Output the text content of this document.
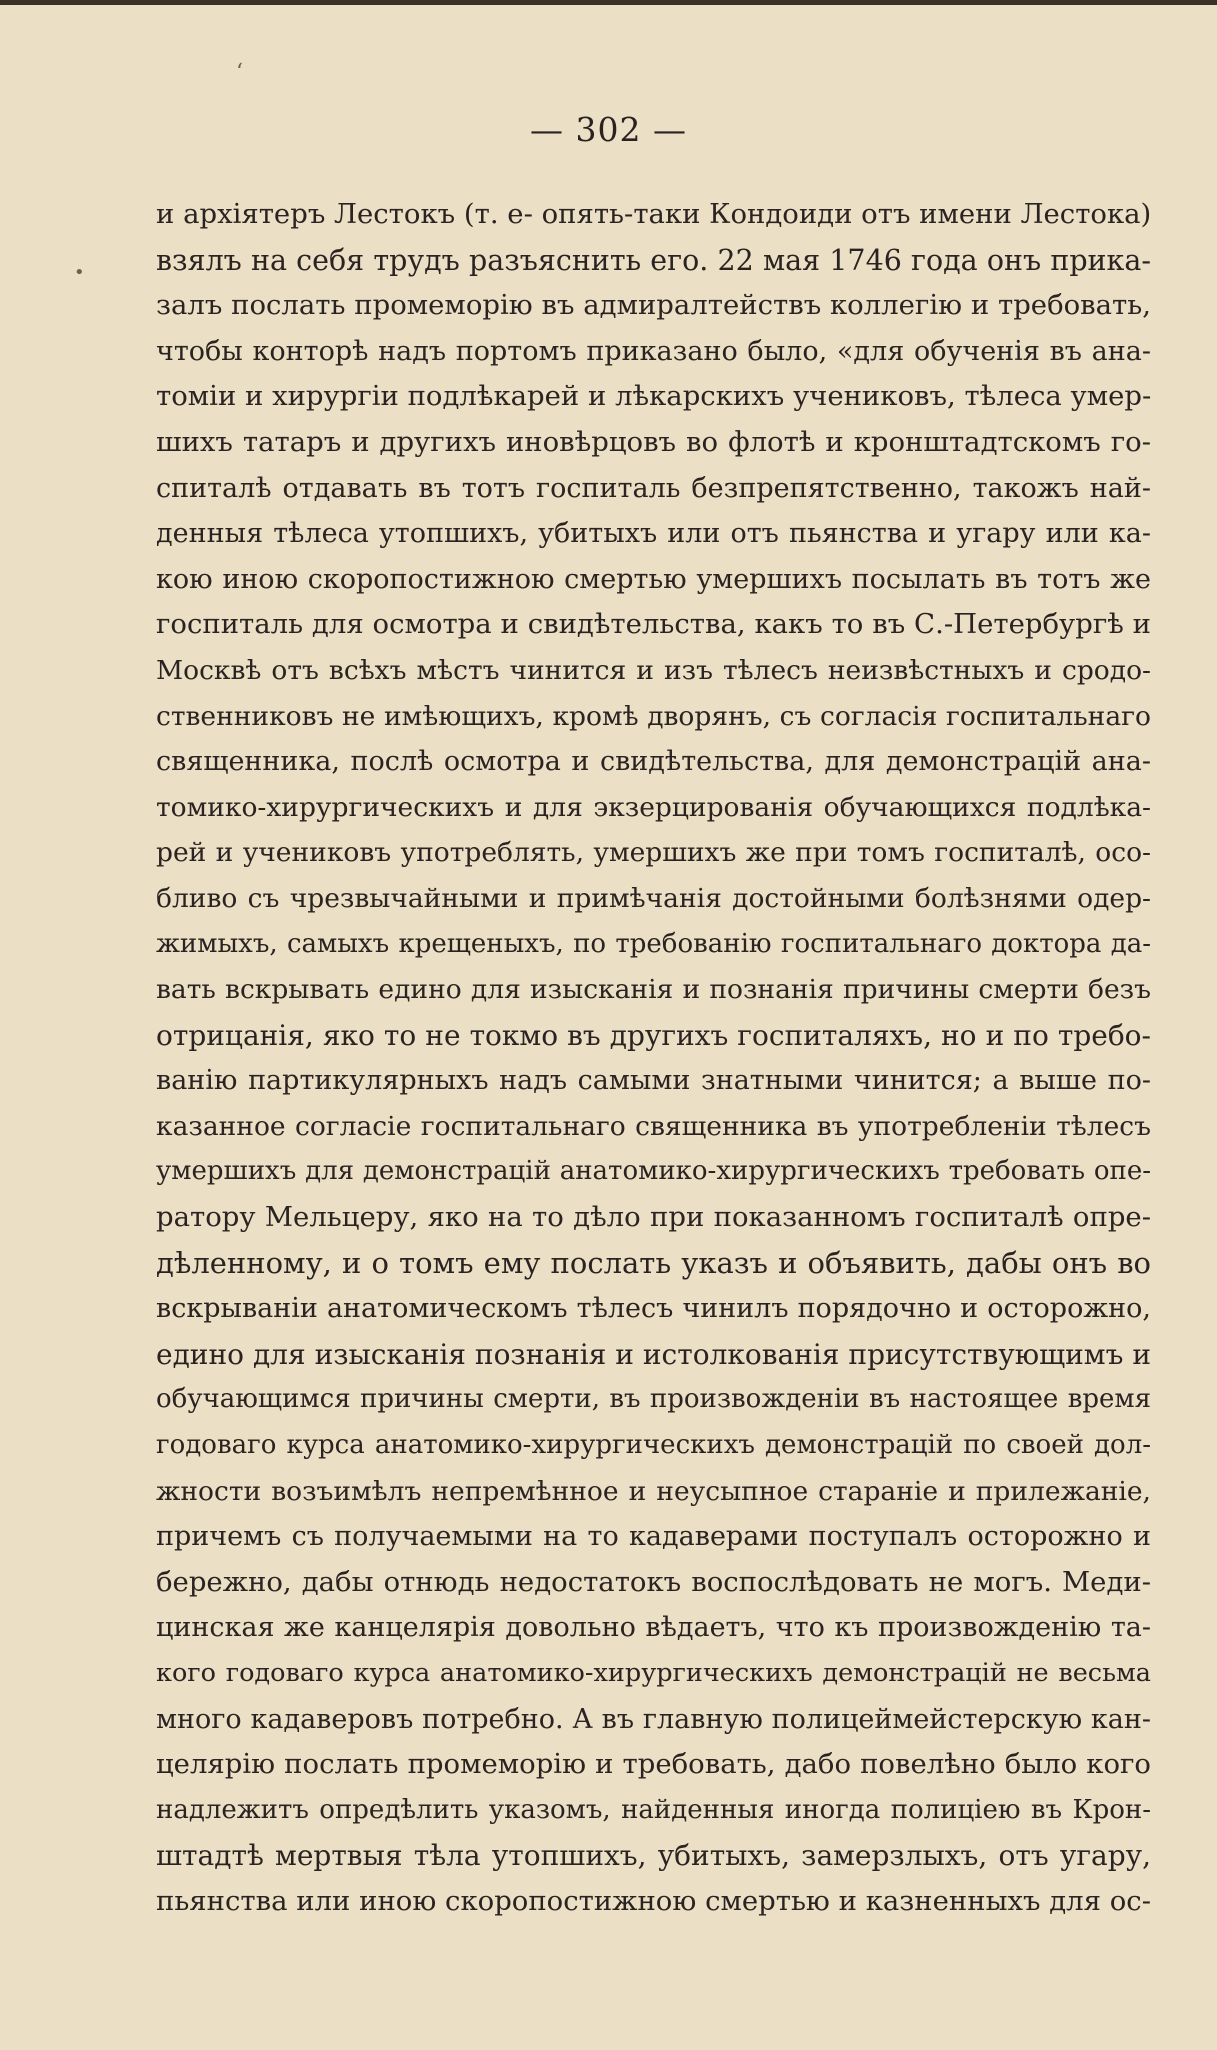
— 302 —
‘
•
и архіятеръ Лестокъ (т. е- опять-таки Кондоиди отъ имени Лестока)
взялъ на себя трудъ разъяснить его. 22 мая 1746 года онъ прика-
залъ послать промеморію въ адмиралтействъ коллегію и требовать,
чтобы конторѣ надъ портомъ приказано было, «для обученія въ ана-
томіи и хирургіи подлѣкарей и лѣкарскихъ учениковъ, тѣлеса умер-
шихъ татаръ и другихъ иновѣрцовъ во флотѣ и кронштадтскомъ го-
спиталѣ отдавать въ тотъ госпиталь безпрепятственно, такожъ най-
денныя тѣлеса утопшихъ, убитыхъ или отъ пьянства и угару или ка-
кою иною скоропостижною смертью умершихъ посылать въ тотъ же
госпиталь для осмотра и свидѣтельства, какъ то въ С.-Петербургѣ и
Москвѣ отъ всѣхъ мѣстъ чинится и изъ тѣлесъ неизвѣстныхъ и сродо-
ственниковъ не имѣющихъ, кромѣ дворянъ, съ согласія госпитальнаго
священника, послѣ осмотра и свидѣтельства, для демонстрацій ана-
томико-хирургическихъ и для экзерцированія обучающихся подлѣка-
рей и учениковъ употреблять, умершихъ же при томъ госпиталѣ, осо-
бливо съ чрезвычайными и примѣчанія достойными болѣзнями одер-
жимыхъ, самыхъ крещеныхъ, по требованію госпитальнаго доктора да-
вать вскрывать едино для изысканія и познанія причины смерти безъ
отрицанія, яко то не токмо въ другихъ госпиталяхъ, но и по требо-
ванію партикулярныхъ надъ самыми знатными чинится; а выше по-
казанное согласіе госпитальнаго священника въ употребленіи тѣлесъ
умершихъ для демонстрацій анатомико-хирургическихъ требовать опе-
ратору Мельцеру, яко на то дѣло при показанномъ госпиталѣ опре-
дѣленному, и о томъ ему послать указъ и объявить, дабы онъ во
вскрываніи анатомическомъ тѣлесъ чинилъ порядочно и осторожно,
едино для изысканія познанія и истолкованія присутствующимъ и
обучающимся причины смерти, въ произвожденіи въ настоящее время
годоваго курса анатомико-хирургическихъ демонстрацій по своей дол-
жности возъимѣлъ непремѣнное и неусыпное стараніе и прилежаніе,
причемъ съ получаемыми на то кадаверами поступалъ осторожно и
бережно, дабы отнюдь недостатокъ воспослѣдовать не могъ. Меди-
цинская же канцелярія довольно вѣдаетъ, что къ произвожденію та-
кого годоваго курса анатомико-хирургическихъ демонстрацій не весьма
много кадаверовъ потребно. А въ главную полицеймейстерскую кан-
целярію послать промеморію и требовать, дабо повелѣно было кого
надлежитъ опредѣлить указомъ, найденныя иногда полиціею въ Крон-
штадтѣ мертвыя тѣла утопшихъ, убитыхъ, замерзлыхъ, отъ угару,
пьянства или иною скоропостижною смертью и казненныхъ для ос-
